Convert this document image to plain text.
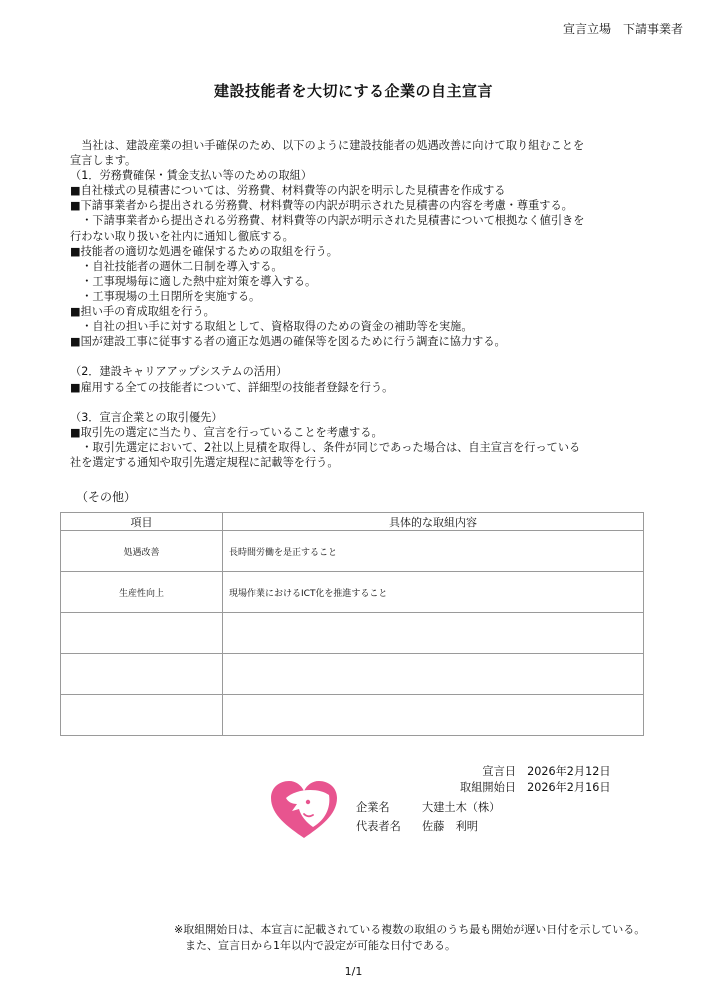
宣言立場　下請事業者
建設技能者を大切にする企業の自主宣言
　当社は、建設産業の担い手確保のため、以下のように建設技能者の処遇改善に向けて取り組むことを
宣言します。
（1．労務費確保・賃金支払い等のための取組）
■自社様式の見積書については、労務費、材料費等の内訳を明示した見積書を作成する
■下請事業者から提出される労務費、材料費等の内訳が明示された見積書の内容を考慮・尊重する。
　・下請事業者から提出される労務費、材料費等の内訳が明示された見積書について根拠なく値引きを
行わない取り扱いを社内に通知し徹底する。
■技能者の適切な処遇を確保するための取組を行う。
　・自社技能者の週休二日制を導入する。
　・工事現場毎に適した熱中症対策を導入する。
　・工事現場の土日閉所を実施する。
■担い手の育成取組を行う。
　・自社の担い手に対する取組として、資格取得のための資金の補助等を実施。
■国が建設工事に従事する者の適正な処遇の確保等を図るために行う調査に協力する。
（2．建設キャリアアップシステムの活用）
■雇用する全ての技能者について、詳細型の技能者登録を行う。
（3．宣言企業との取引優先）
■取引先の選定に当たり、宣言を行っていることを考慮する。
　・取引先選定において、2社以上見積を取得し、条件が同じであった場合は、自主宣言を行っている
社を選定する通知や取引先選定規程に記載等を行う。
（その他）
項目	具体的な取組内容
処遇改善	長時間労働を是正すること
生産性向上	現場作業におけるICT化を推進すること

宣言日　2026年2月12日
取組開始日　2026年2月16日
企業名	大建土木（株）
代表者名 佐藤　利明
※取組開始日は、本宣言に記載されている複数の取組のうち最も開始が遅い日付を示している。
　また、宣言日から1年以内で設定が可能な日付である。
1/1
